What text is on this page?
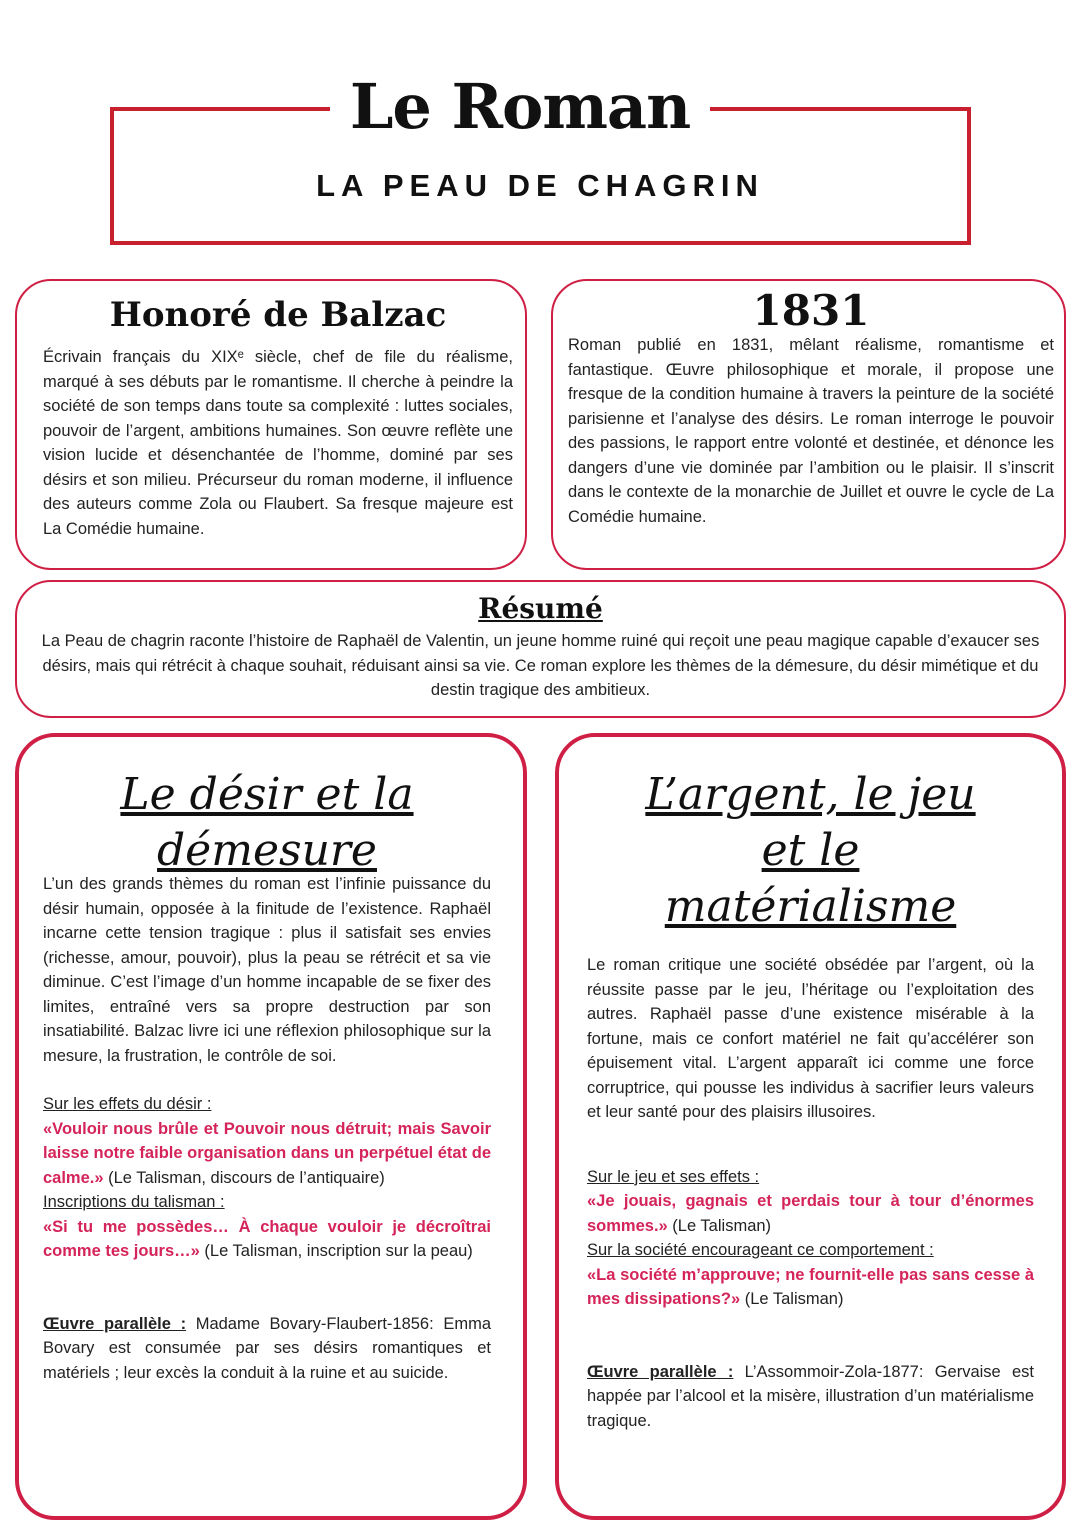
Le Roman
LA PEAU DE CHAGRIN
Honoré de Balzac
Écrivain français du XIXᵉ siècle, chef de file du réalisme, marqué à ses débuts par le romantisme. Il cherche à peindre la société de son temps dans toute sa complexité : luttes sociales, pouvoir de l’argent, ambitions humaines. Son œuvre reflète une vision lucide et désenchantée de l’homme, dominé par ses désirs et son milieu. Précurseur du roman moderne, il influence des auteurs comme Zola ou Flaubert. Sa fresque majeure est La Comédie humaine.
1831
Roman publié en 1831, mêlant réalisme, romantisme et fantastique. Œuvre philosophique et morale, il propose une fresque de la condition humaine à travers la peinture de la société parisienne et l’analyse des désirs. Le roman interroge le pouvoir des passions, le rapport entre volonté et destinée, et dénonce les dangers d’une vie dominée par l’ambition ou le plaisir. Il s’inscrit dans le contexte de la monarchie de Juillet et ouvre le cycle de La Comédie humaine.
Résumé
La Peau de chagrin raconte l’histoire de Raphaël de Valentin, un jeune homme ruiné qui reçoit une peau magique capable d’exaucer ses désirs, mais qui rétrécit à chaque souhait, réduisant ainsi sa vie. Ce roman explore les thèmes de la démesure, du désir mimétique et du destin tragique des ambitieux.
Le désir et la démesure
L’un des grands thèmes du roman est l’infinie puissance du désir humain, opposée à la finitude de l’existence. Raphaël incarne cette tension tragique : plus il satisfait ses envies (richesse, amour, pouvoir), plus la peau se rétrécit et sa vie diminue. C’est l’image d’un homme incapable de se fixer des limites, entraîné vers sa propre destruction par son insatiabilité. Balzac livre ici une réflexion philosophique sur la mesure, la frustration, le contrôle de soi.
Sur les effets du désir :
«Vouloir nous brûle et Pouvoir nous détruit; mais Savoir laisse notre faible organisation dans un perpétuel état de calme.» (Le Talisman, discours de l’antiquaire)
Inscriptions du talisman :
«Si tu me possèdes… À chaque vouloir je décroîtrai comme tes jours…» (Le Talisman, inscription sur la peau)
Œuvre parallèle : Madame Bovary-Flaubert-1856: Emma Bovary est consumée par ses désirs romantiques et matériels ; leur excès la conduit à la ruine et au suicide.
L’argent, le jeu et le matérialisme
Le roman critique une société obsédée par l’argent, où la réussite passe par le jeu, l’héritage ou l’exploitation des autres. Raphaël passe d’une existence misérable à la fortune, mais ce confort matériel ne fait qu’accélérer son épuisement vital. L’argent apparaît ici comme une force corruptrice, qui pousse les individus à sacrifier leurs valeurs et leur santé pour des plaisirs illusoires.
Sur le jeu et ses effets :
«Je jouais, gagnais et perdais tour à tour d’énormes sommes.» (Le Talisman)
Sur la société encourageant ce comportement :
«La société m’approuve; ne fournit-elle pas sans cesse à mes dissipations?» (Le Talisman)
Œuvre parallèle : L’Assommoir-Zola-1877: Gervaise est happée par l’alcool et la misère, illustration d’un matérialisme tragique.
